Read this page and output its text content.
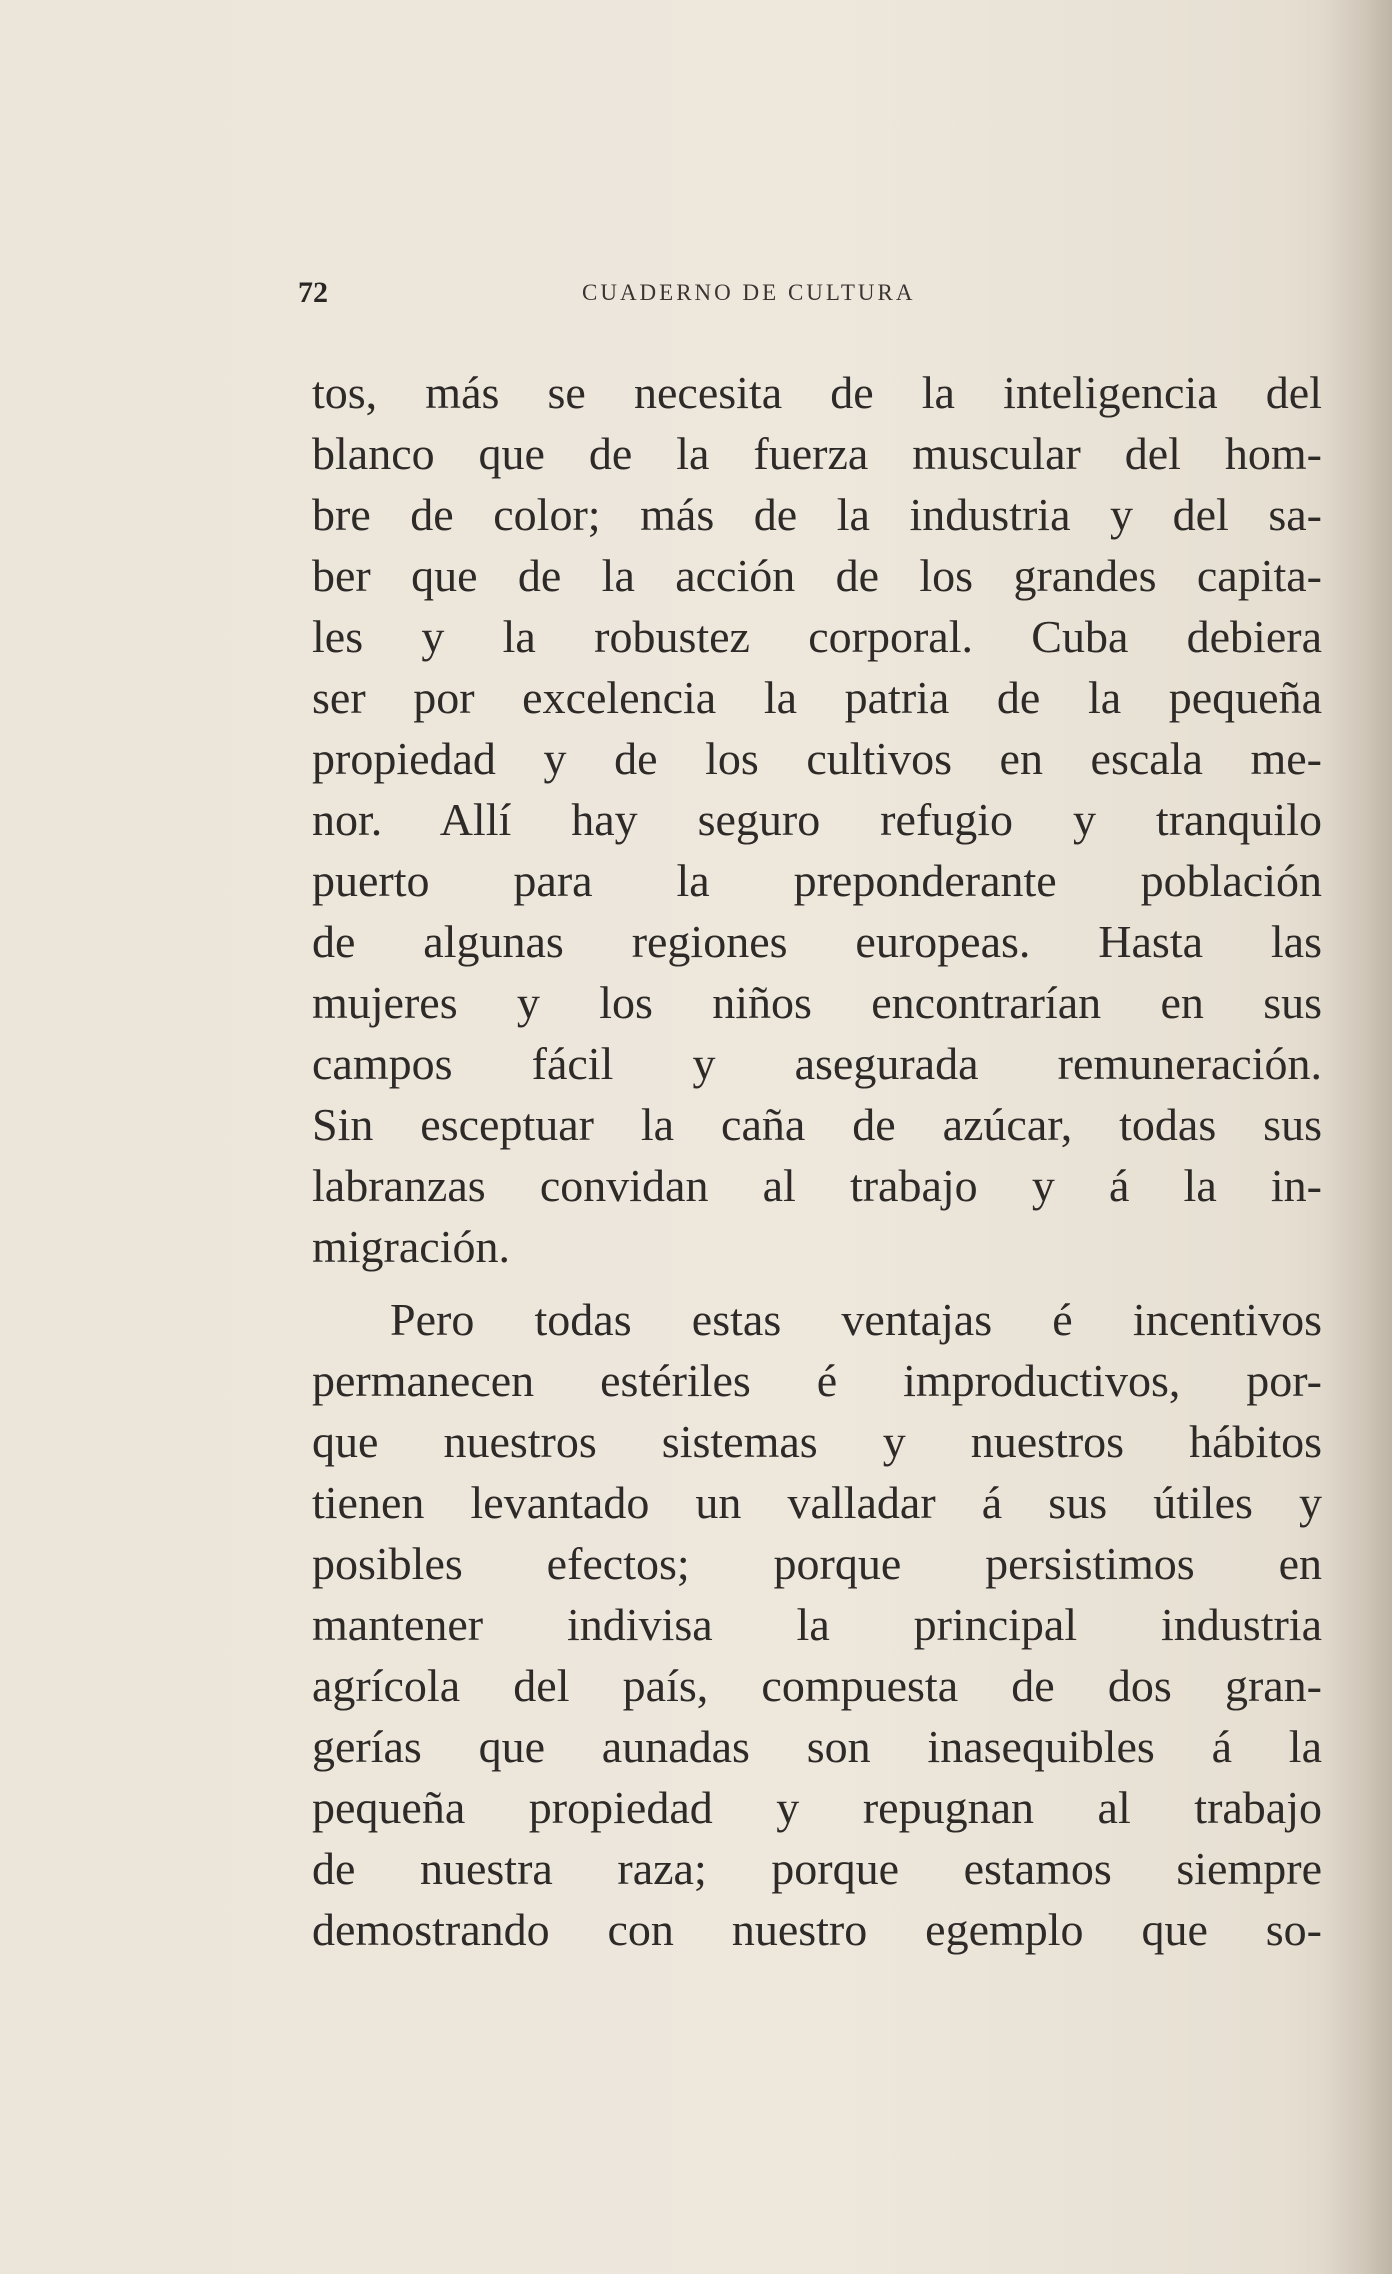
72	CUADERNO DE CULTURA

tos, más se necesita de la inteligencia del
blanco que de la fuerza muscular del hom-
bre de color; más de la industria y del sa-
ber que de la acción de los grandes capita-
les y la robustez corporal. Cuba debiera
ser por excelencia la patria de la pequeña
propiedad y de los cultivos en escala me-
nor. Allí hay seguro refugio y tranquilo
puerto para la preponderante población
de algunas regiones europeas. Hasta las
mujeres y los niños encontrarían en sus
campos fácil y asegurada remuneración.
Sin esceptuar la caña de azúcar, todas sus
labranzas convidan al trabajo y á la in-
migración.

Pero todas estas ventajas é incentivos
permanecen estériles é improductivos, por-
que nuestros sistemas y nuestros hábitos
tienen levantado un valladar á sus útiles y
posibles efectos; porque persistimos en
mantener indivisa la principal industria
agrícola del país, compuesta de dos gran-
gerías que aunadas son inasequibles á la
pequeña propiedad y repugnan al trabajo
de nuestra raza; porque estamos siempre
demostrando con nuestro egemplo que so-
